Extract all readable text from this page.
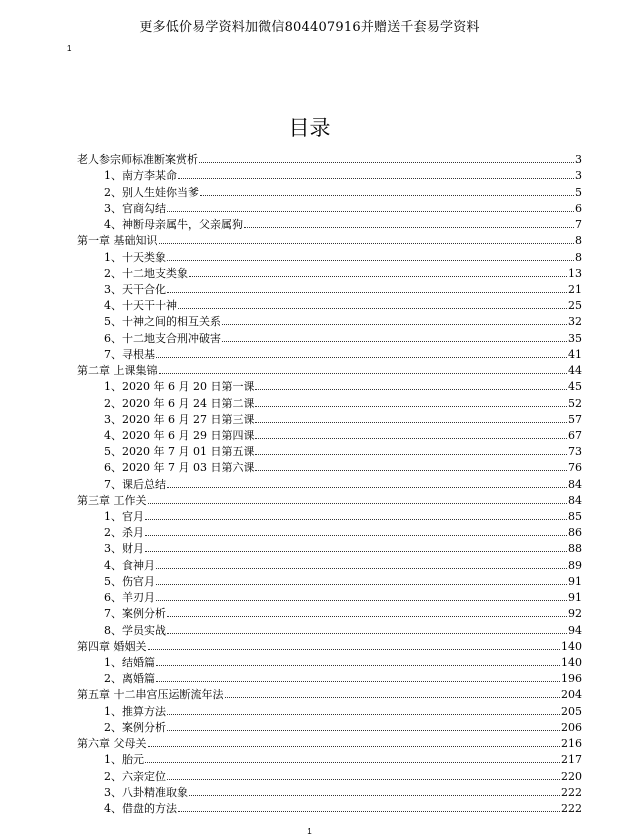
更多低价易学资料加微信804407916并赠送千套易学资料
1
目录
老人参宗师标准断案赏析	3
1、南方李某命	3
2、别人生娃你当爹	5
3、官商勾结	6
4、神断母亲属牛，父亲属狗	7
第一章 基础知识	8
1、十天类象	8
2、十二地支类象	13
3、天干合化	21
4、十天干十神	25
5、十神之间的相互关系	32
6、十二地支合刑冲破害	35
7、寻根基	41
第二章 上课集锦	44
1、2020 年 6 月 20 日第一课	45
2、2020 年 6 月 24 日第二课	52
3、2020 年 6 月 27 日第三课	57
4、2020 年 6 月 29 日第四课	67
5、2020 年 7 月 01 日第五课	73
6、2020 年 7 月 03 日第六课	76
7、课后总结	84
第三章 工作关	84
1、官月	85
2、杀月	86
3、财月	88
4、食神月	89
5、伤官月	91
6、羊刃月	91
7、案例分析	92
8、学员实战	94
第四章 婚姻关	140
1、结婚篇	140
2、离婚篇	196
第五章 十二串宫压运断流年法	204
1、推算方法	205
2、案例分析	206
第六章 父母关	216
1、胎元	217
2、六亲定位	220
3、八卦精准取象	222
4、借盘的方法	222
1
